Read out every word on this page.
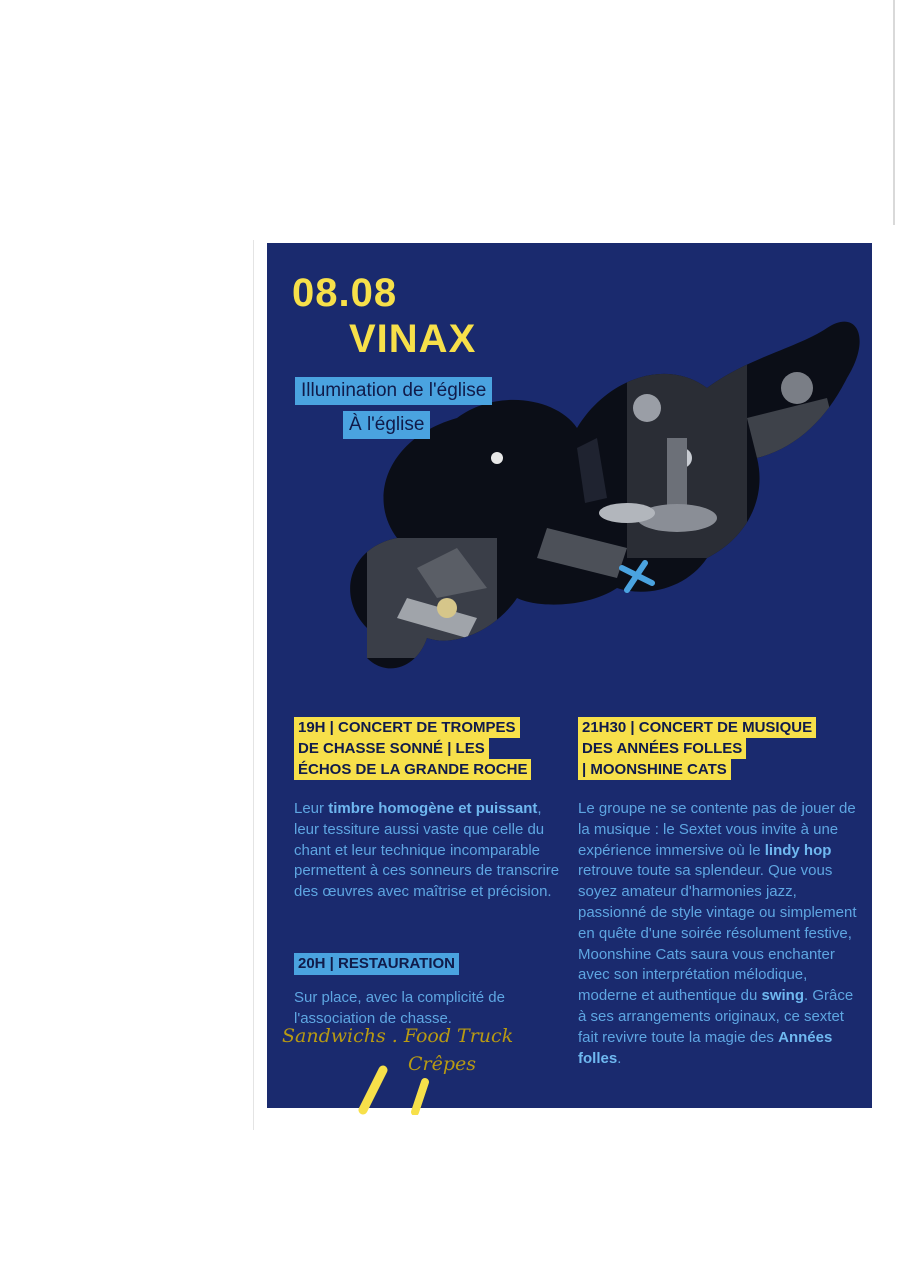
08.08
VINAX
Illumination de l'église
À l'église
19H | CONCERT DE TROMPES
DE CHASSE SONNÉ | LES
ÉCHOS DE LA GRANDE ROCHE
21H30 | CONCERT DE MUSIQUE
DES ANNÉES FOLLES
| MOONSHINE CATS

Leur timbre homogène et puissant, leur tessiture aussi vaste que celle du chant et leur technique incomparable permettent à ces sonneurs de transcrire des œuvres avec maîtrise et précision.

20H | RESTAURATION

Sur place, avec la complicité de l'association de chasse.

Le groupe ne se contente pas de jouer de la musique : le Sextet vous invite à une expérience immersive où le lindy hop retrouve toute sa splendeur. Que vous soyez amateur d'harmonies jazz, passionné de style vintage ou simplement en quête d'une soirée résolument festive, Moonshine Cats saura vous enchanter avec son interprétation mélodique, moderne et authentique du swing. Grâce à ses arrangements originaux, ce sextet fait revivre toute la magie des Années folles.

Sandwichs . Food Truck
Crêpes
